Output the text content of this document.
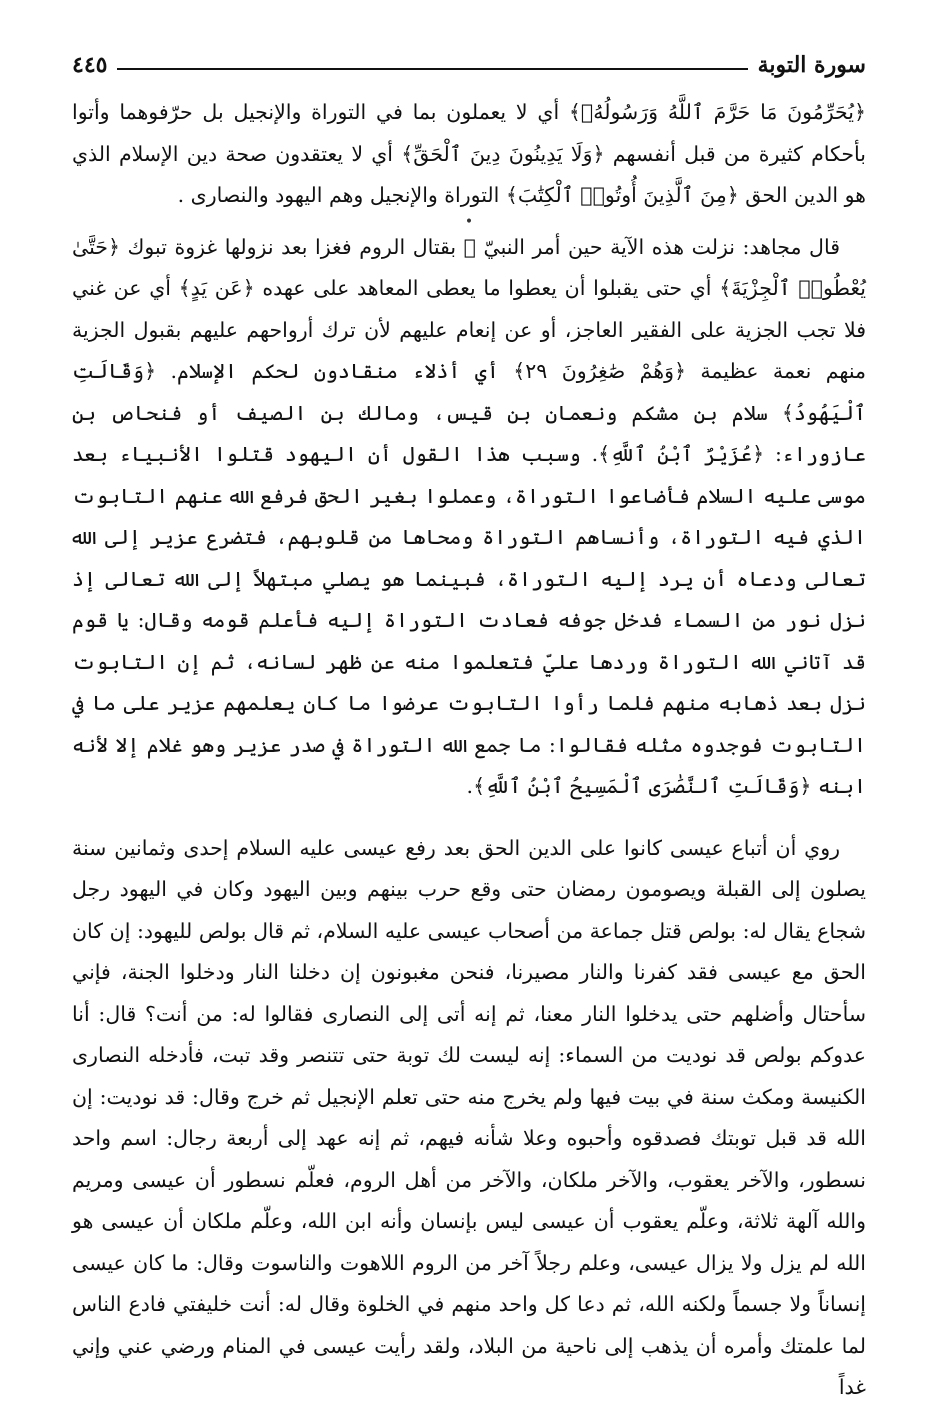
سورة التوبة
٤٤٥

﴿يُحَرِّمُونَ مَا حَرَّمَ ٱللَّهُ وَرَسُولُهُۥ﴾ أي لا يعملون بما في التوراة والإنجيل بل حرّفوهما وأتوا بأحكام كثيرة من قبل أنفسهم ﴿وَلَا يَدِينُونَ دِينَ ٱلْحَقِّ﴾ أي لا يعتقدون صحة دين الإسلام الذي هو الدين الحق ﴿مِنَ ٱلَّذِينَ أُوتُوا۟ ٱلْكِتَٰبَ﴾ التوراة والإنجيل وهم اليهود والنصارى .

•

قال مجاهد: نزلت هذه الآية حين أمر النبيّ ﷺ بقتال الروم فغزا بعد نزولها غزوة تبوك ﴿حَتَّىٰ يُعْطُوا۟ ٱلْجِزْيَةَ﴾ أي حتى يقبلوا أن يعطوا ما يعطى المعاهد على عهده ﴿عَن يَدٍ﴾ أي عن غني فلا تجب الجزية على الفقير العاجز، أو عن إنعام عليهم لأن ترك أرواحهم عليهم بقبول الجزية منهم نعمة عظيمة ﴿وَهُمْ صَٰغِرُونَ ٢٩﴾ أي أذلاء منقادون لحكم الإسلام. ﴿وَقَالَتِ ٱلْيَهُودُ﴾ سلام بن مشكم ونعمان بن قيس، ومالك بن الصيف أو فنحاص بن عازوراء: ﴿عُزَيْرٌ ٱبْنُ ٱللَّهِ﴾. وسبب هذا القول أن اليهود قتلوا الأنبياء بعد موسى عليه السلام فأضاعوا التوراة، وعملوا بغير الحق فرفع الله عنهم التابوت الذي فيه التوراة، وأنساهم التوراة ومحاها من قلوبهم، فتضرع عزير إلى الله تعالى ودعاه أن يرد إليه التوراة، فبينما هو يصلي مبتهلاً إلى الله تعالى إذ نزل نور من السماء فدخل جوفه فعادت التوراة إليه فأعلم قومه وقال: يا قوم قد آتاني الله التوراة وردها عليّ فتعلموا منه عن ظهر لسانه، ثم إن التابوت نزل بعد ذهابه منهم فلما رأوا التابوت عرضوا ما كان يعلمهم عزير على ما في التابوت فوجدوه مثله فقالوا: ما جمع الله التوراة في صدر عزير وهو غلام إلا لأنه ابنه ﴿وَقَالَتِ ٱلنَّصَٰرَى ٱلْمَسِيحُ ٱبْنُ ٱللَّهِ﴾.

روي أن أتباع عيسى كانوا على الدين الحق بعد رفع عيسى عليه السلام إحدى وثمانين سنة يصلون إلى القبلة ويصومون رمضان حتى وقع حرب بينهم وبين اليهود وكان في اليهود رجل شجاع يقال له: بولص قتل جماعة من أصحاب عيسى عليه السلام، ثم قال بولص لليهود: إن كان الحق مع عيسى فقد كفرنا والنار مصيرنا، فنحن مغبونون إن دخلنا النار ودخلوا الجنة، فإني سأحتال وأضلهم حتى يدخلوا النار معنا، ثم إنه أتى إلى النصارى فقالوا له: من أنت؟ قال: أنا عدوكم بولص قد نوديت من السماء: إنه ليست لك توبة حتى تتنصر وقد تبت، فأدخله النصارى الكنيسة ومكث سنة في بيت فيها ولم يخرج منه حتى تعلم الإنجيل ثم خرج وقال: قد نوديت: إن الله قد قبل توبتك فصدقوه وأحبوه وعلا شأنه فيهم، ثم إنه عهد إلى أربعة رجال: اسم واحد نسطور، والآخر يعقوب، والآخر ملكان، والآخر من أهل الروم، فعلّم نسطور أن عيسى ومريم والله آلهة ثلاثة، وعلّم يعقوب أن عيسى ليس بإنسان وأنه ابن الله، وعلّم ملكان أن عيسى هو الله لم يزل ولا يزال عيسى، وعلم رجلاً آخر من الروم اللاهوت والناسوت وقال: ما كان عيسى إنساناً ولا جسماً ولكنه الله، ثم دعا كل واحد منهم في الخلوة وقال له: أنت خليفتي فادع الناس لما علمتك وأمره أن يذهب إلى ناحية من البلاد، ولقد رأيت عيسى في المنام ورضي عني وإني غداً
